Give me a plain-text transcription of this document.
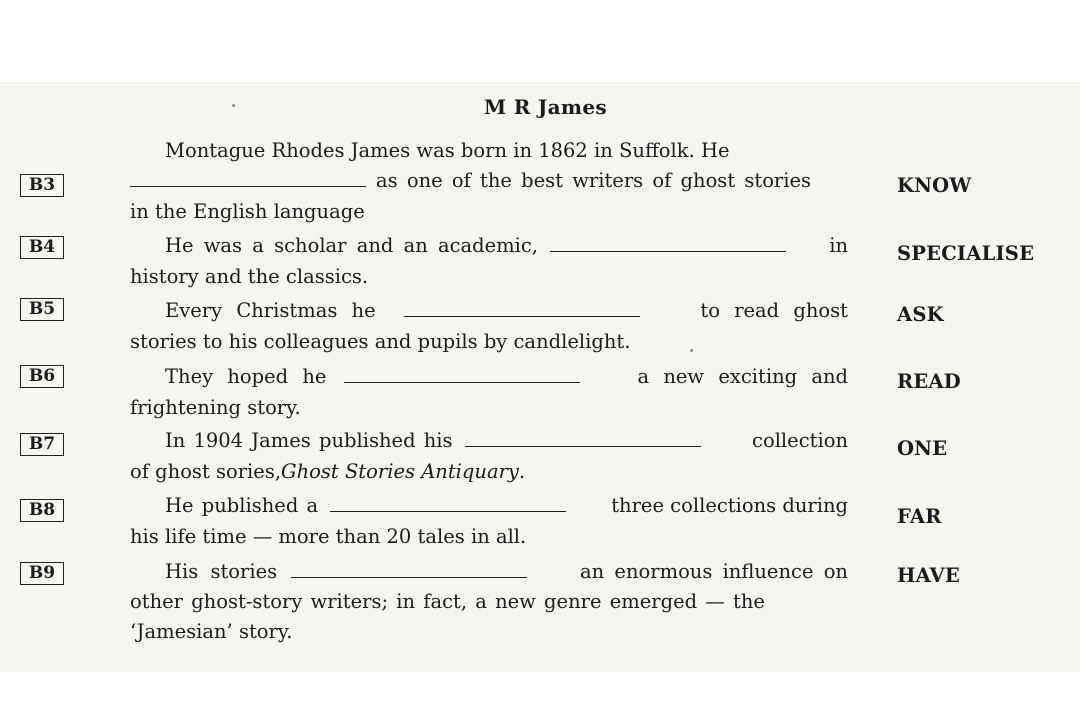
M R James
Montague Rhodes James was born in 1862 in Suffolk. He
B3	as one of the best writers of ghost stories	KNOW
in the English language
B4	He was a scholar and an academic,	in	SPECIALISE
history and the classics.
B5	Every Christmas he	to read ghost	ASK
stories to his colleagues and pupils by candlelight.
B6	They hoped he	a new exciting and	READ
frightening story.
B7	In 1904 James published his	collection	ONE
of ghost sories, Ghost Stories Antiquary .
B8	He published a	three collections during	FAR
his life time — more than 20 tales in all.
B9	His stories	an enormous influence on	HAVE
other ghost-story writers; in fact, a new genre emerged — the
‘Jamesian’ story.
